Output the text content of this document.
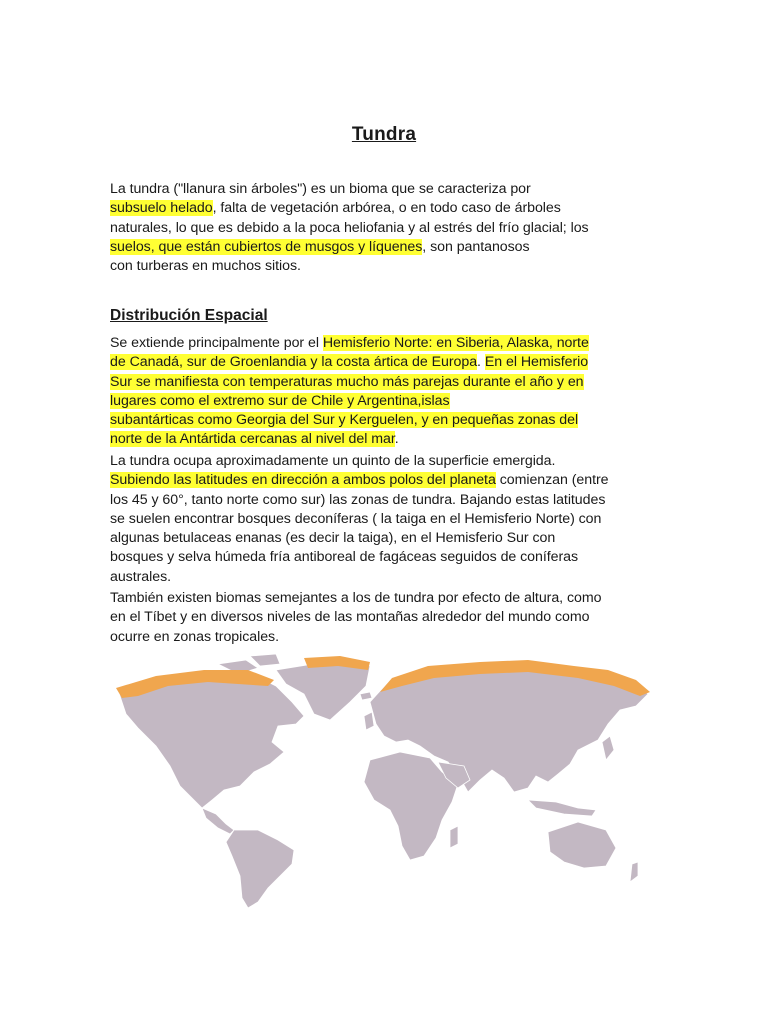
Tundra
La tundra ("llanura sin árboles") es un bioma que se caracteriza por
subsuelo helado, falta de vegetación arbórea, o en todo caso de árboles
naturales, lo que es debido a la poca heliofania y al estrés del frío glacial; los
suelos, que están cubiertos de musgos y líquenes, son pantanosos
con turberas en muchos sitios.
Distribución Espacial
Se extiende principalmente por el Hemisferio Norte: en Siberia, Alaska, norte
de Canadá, sur de Groenlandia y la costa ártica de Europa. En el Hemisferio
Sur se manifiesta con temperaturas mucho más parejas durante el año y en
lugares como el extremo sur de Chile y Argentina,islas
subantárticas como Georgia del Sur y Kerguelen, y en pequeñas zonas del
norte de la Antártida cercanas al nivel del mar.
La tundra ocupa aproximadamente un quinto de la superficie emergida.
Subiendo las latitudes en dirección a ambos polos del planeta comienzan (entre
los 45 y 60°, tanto norte como sur) las zonas de tundra. Bajando estas latitudes
se suelen encontrar bosques deconíferas ( la taiga en el Hemisferio Norte) con
algunas betulaceas enanas (es decir la taiga), en el Hemisferio Sur con
bosques y selva húmeda fría antiboreal de fagáceas seguidos de coníferas
australes.
También existen biomas semejantes a los de tundra por efecto de altura, como
en el Tíbet y en diversos niveles de las montañas alrededor del mundo como
ocurre en zonas tropicales.
